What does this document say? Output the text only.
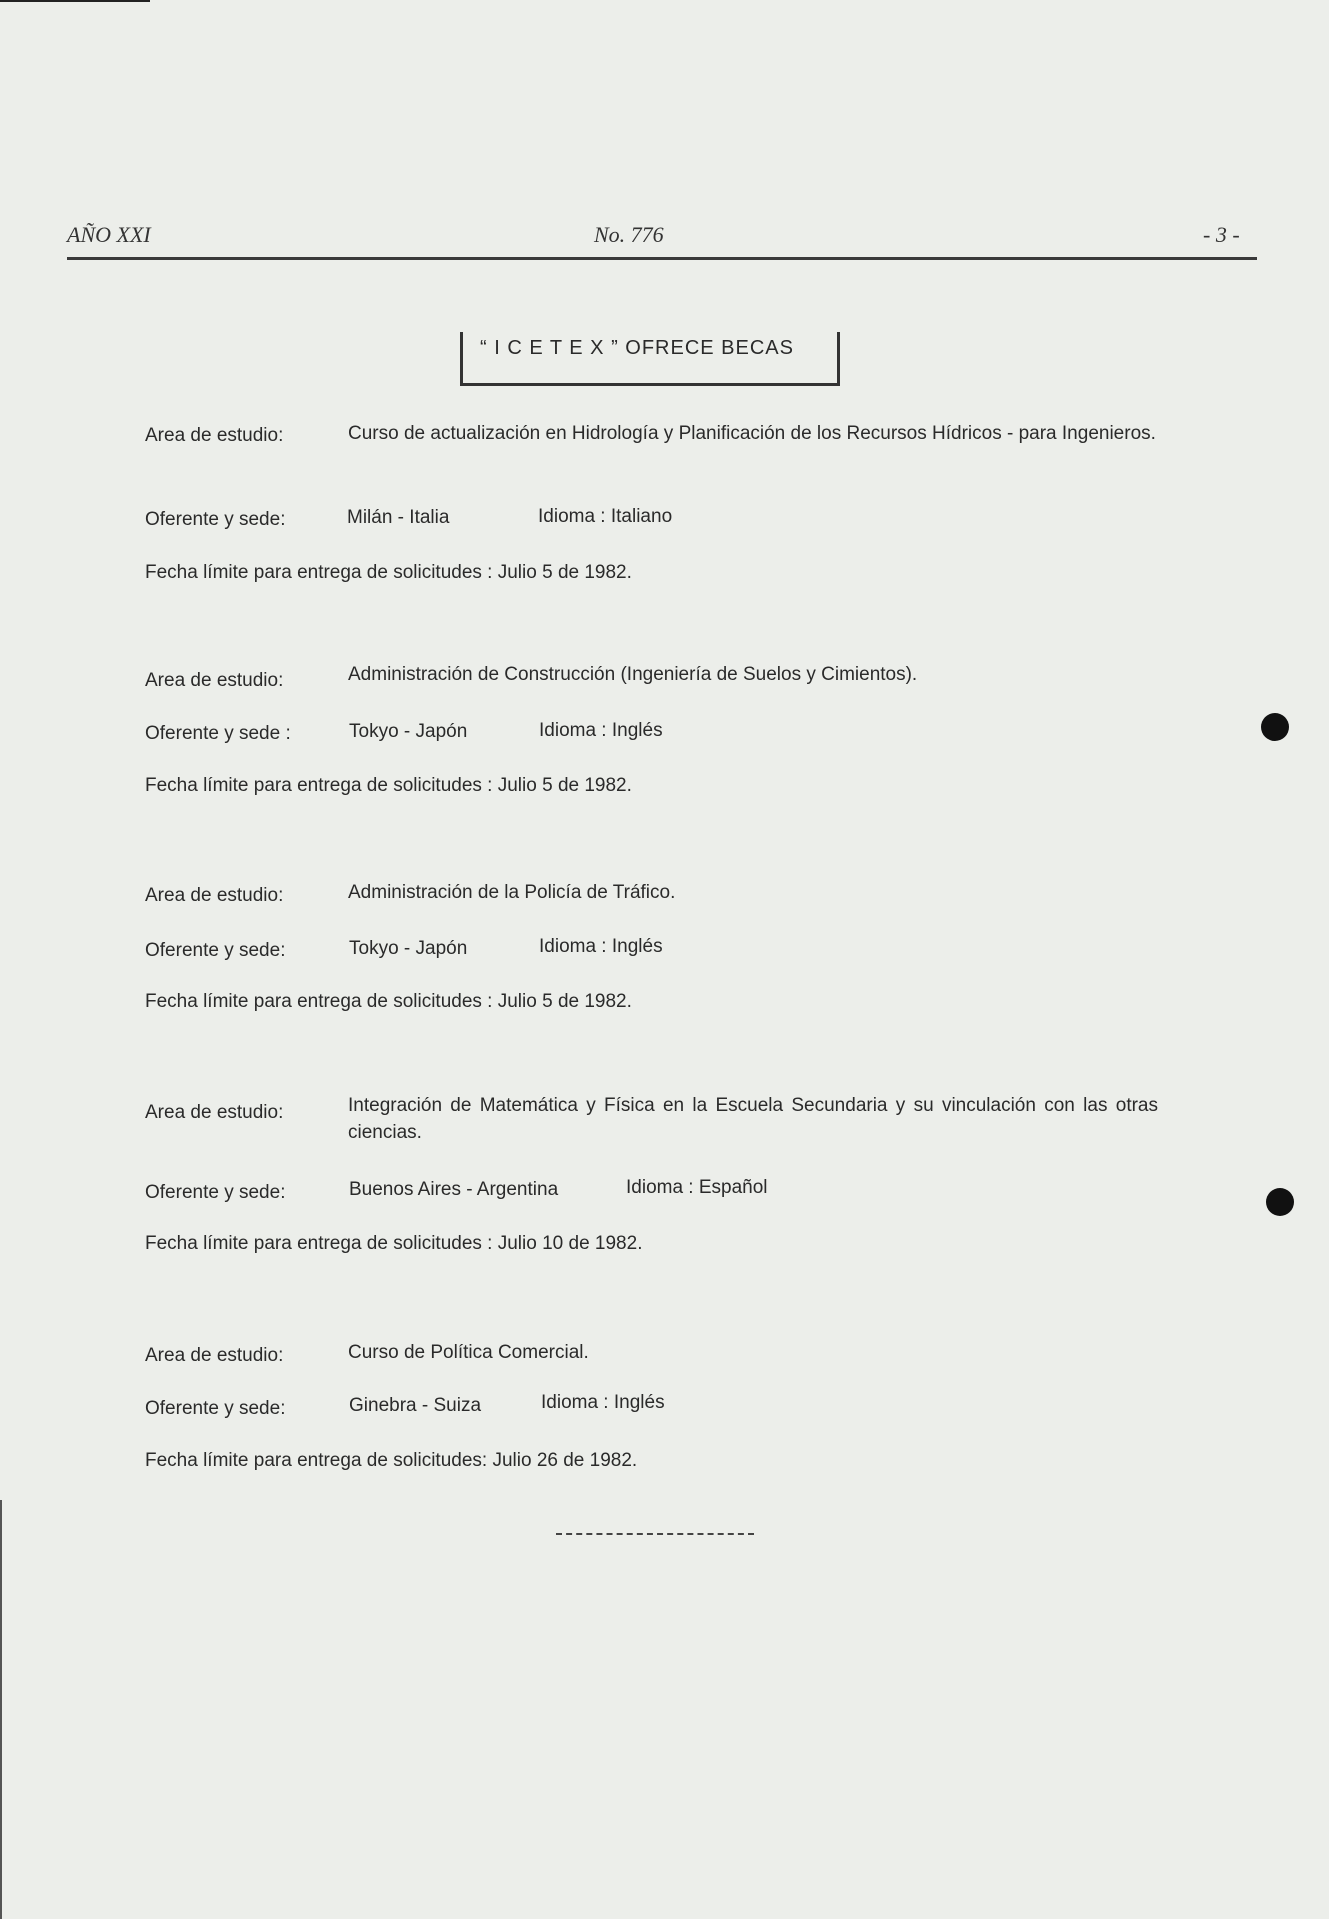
AÑO XXI	No. 776	- 3 -
“ I C E T E X ” OFRECE BECAS
Area de estudio:	Curso de actualización en Hidrología y Planificación de los Recursos Hídricos - para Ingenieros.
Oferente y sede:	Milán - Italia	Idioma : Italiano
Fecha límite para entrega de solicitudes : Julio 5 de 1982.
Area de estudio:	Administración de Construcción (Ingeniería de Suelos y Cimientos).
Oferente y sede :	Tokyo - Japón	Idioma : Inglés
Fecha límite para entrega de solicitudes : Julio 5 de 1982.
Area de estudio:	Administración de la Policía de Tráfico.
Oferente y sede:	Tokyo - Japón	Idioma : Inglés
Fecha límite para entrega de solicitudes : Julio 5 de 1982.
Area de estudio:	Integración de Matemática y Física en la Escuela Secundaria y su vinculación con las otras ciencias.
Oferente y sede:	Buenos Aires - Argentina	Idioma : Español
Fecha límite para entrega de solicitudes : Julio 10 de 1982.
Area de estudio:	Curso de Política Comercial.
Oferente y sede:	Ginebra - Suiza	Idioma : Inglés
Fecha límite para entrega de solicitudes: Julio 26 de 1982.
